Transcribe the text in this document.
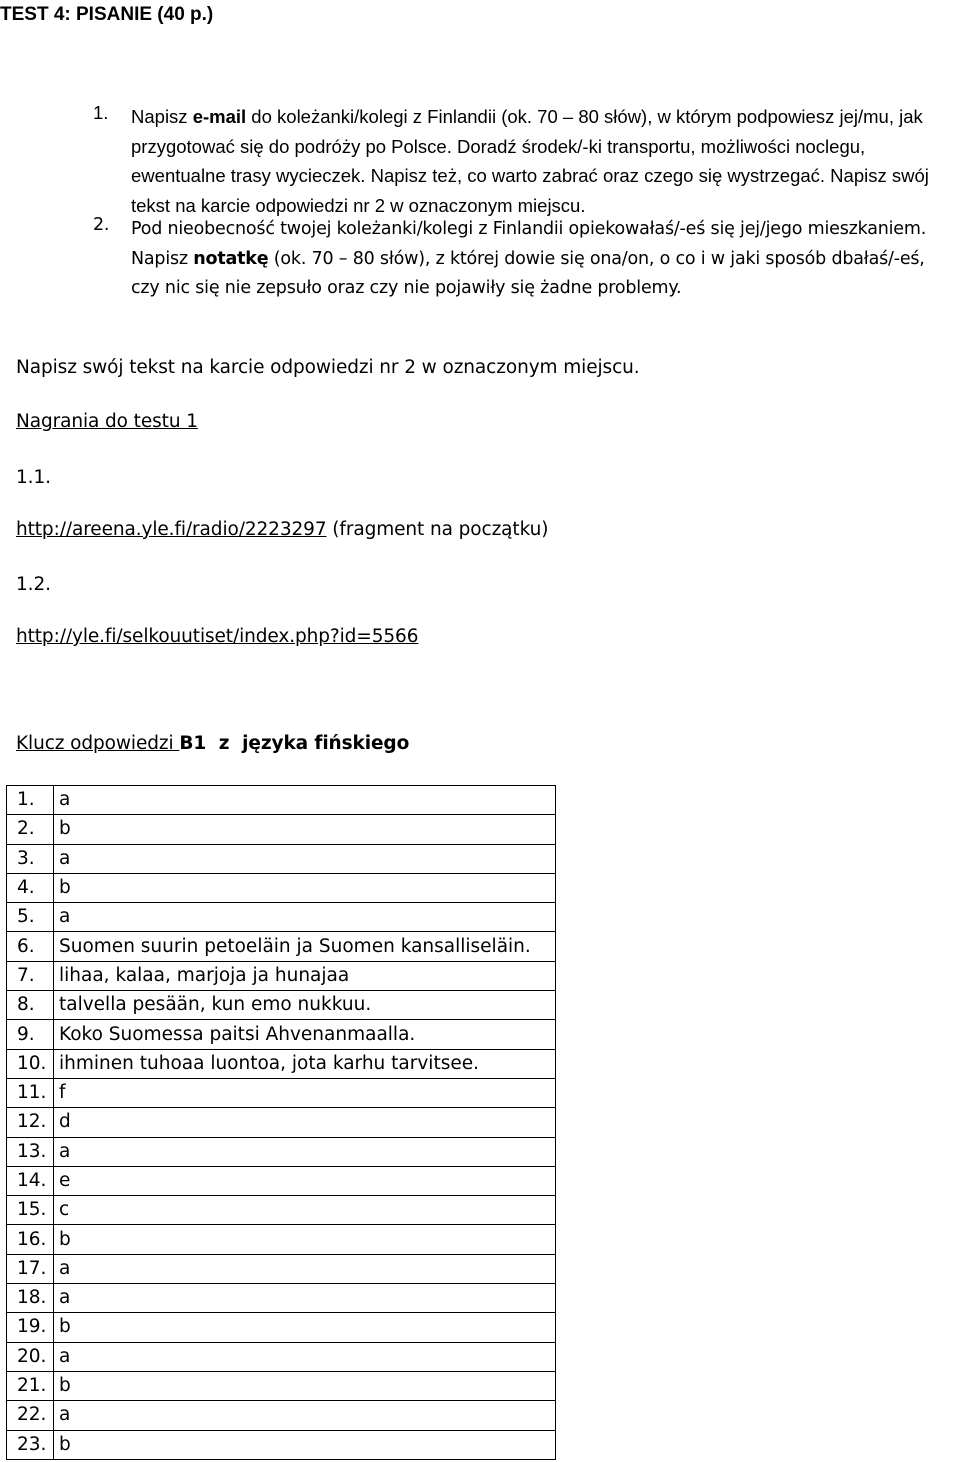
TEST 4: PISANIE (40 p.)
1. Napisz e-mail do koleżanki/kolegi z Finlandii (ok. 70 – 80 słów), w którym podpowiesz jej/mu, jak przygotować się do podróży po Polsce. Doradź środek/-ki transportu, możliwości noclegu, ewentualne trasy wycieczek. Napisz też, co warto zabrać oraz czego się wystrzegać. Napisz swój tekst na karcie odpowiedzi nr 2 w oznaczonym miejscu.
2. Pod nieobecność twojej koleżanki/kolegi z Finlandii opiekowałaś/-eś się jej/jego mieszkaniem. Napisz notatkę (ok. 70 – 80 słów), z której dowie się ona/on, o co i w jaki sposób dbałaś/-eś, czy nic się nie zepsuło oraz czy nie pojawiły się żadne problemy.
Napisz swój tekst na karcie odpowiedzi nr 2 w oznaczonym miejscu.
Nagrania do testu 1
1.1.
http://areena.yle.fi/radio/2223297 (fragment na początku)
1.2.
http://yle.fi/selkouutiset/index.php?id=5566
Klucz odpowiedzi B1  z  języka fińskiego
1.	a
2.	b
3.	a
4.	b
5.	a
6.	Suomen suurin petoeläin ja Suomen kansalliseläin.
7.	lihaa, kalaa, marjoja ja hunajaa
8.	talvella pesään, kun emo nukkuu.
9.	Koko Suomessa paitsi Ahvenanmaalla.
10.	ihminen tuhoaa luontoa, jota karhu tarvitsee.
11.	f
12.	d
13.	a
14.	e
15.	c
16.	b
17.	a
18.	a
19.	b
20.	a
21.	b
22.	a
23.	b
